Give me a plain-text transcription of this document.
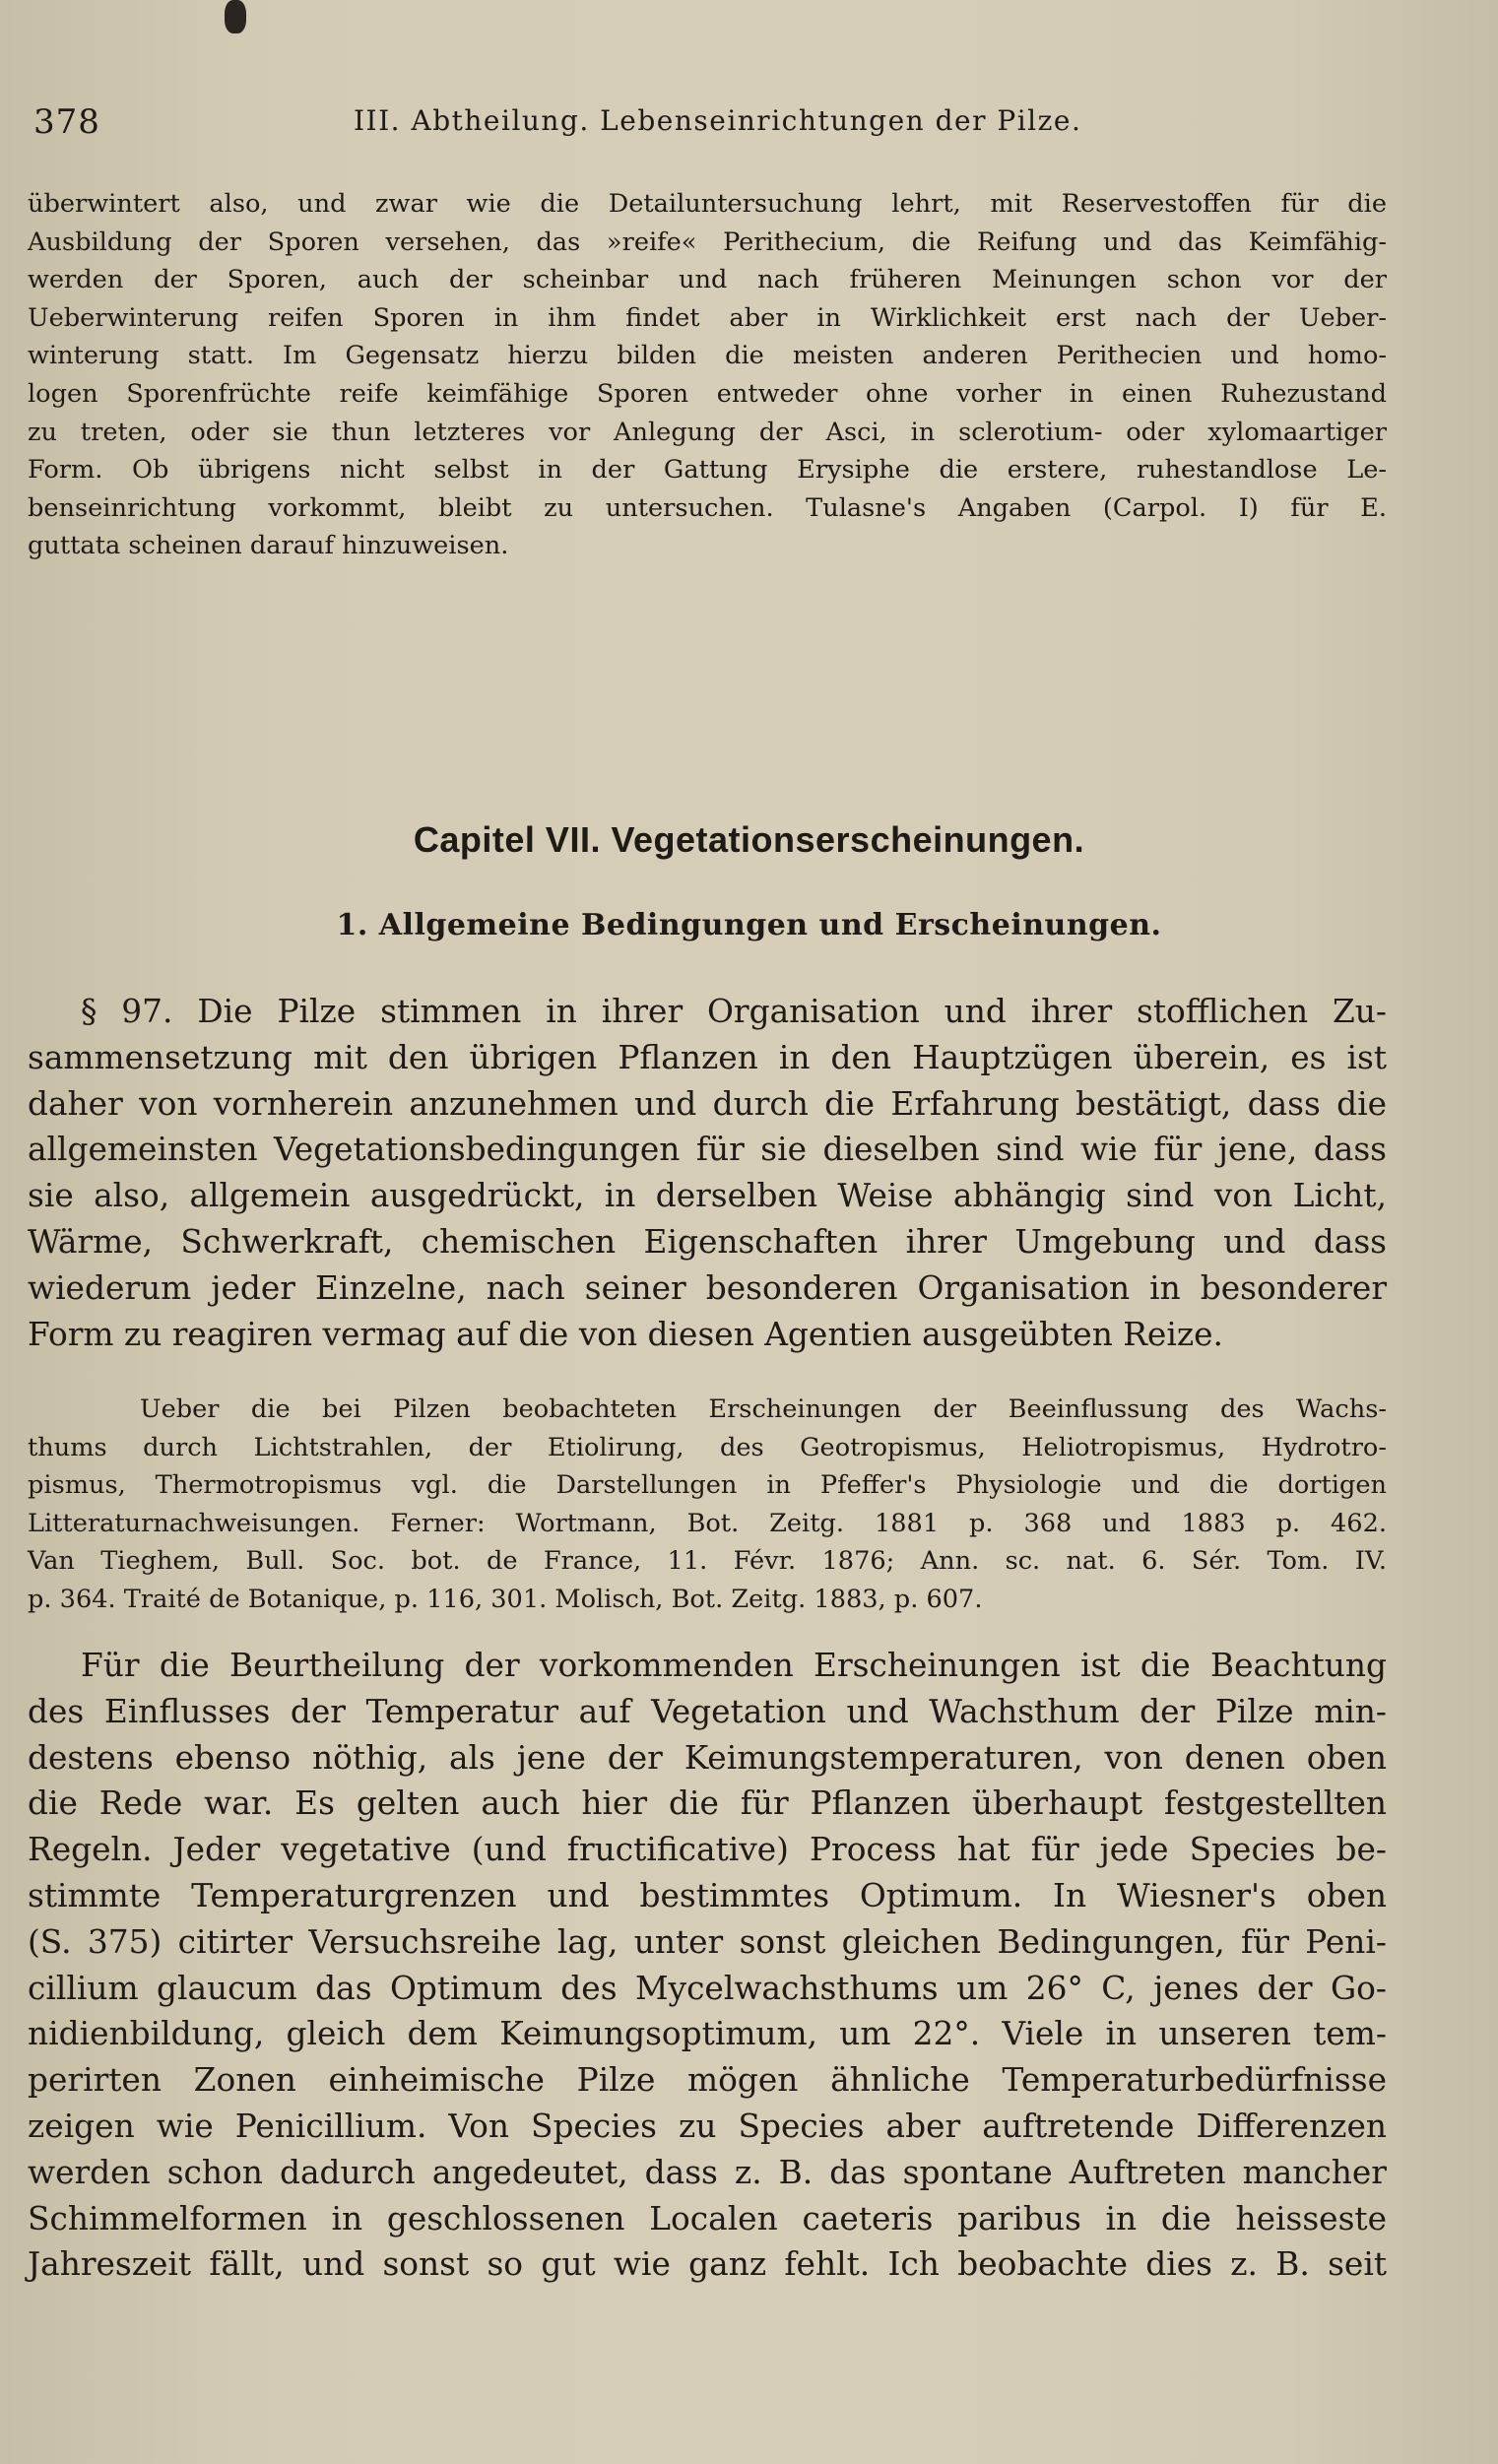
378	III. Abtheilung. Lebenseinrichtungen der Pilze.
überwintert also, und zwar wie die Detailuntersuchung lehrt, mit Reservestoffen für die
Ausbildung der Sporen versehen, das »reife« Perithecium, die Reifung und das Keimfähig-
werden der Sporen, auch der scheinbar und nach früheren Meinungen schon vor der
Ueberwinterung reifen Sporen in ihm findet aber in Wirklichkeit erst nach der Ueber-
winterung statt. Im Gegensatz hierzu bilden die meisten anderen Perithecien und homo-
logen Sporenfrüchte reife keimfähige Sporen entweder ohne vorher in einen Ruhezustand
zu treten, oder sie thun letzteres vor Anlegung der Asci, in sclerotium- oder xylomaartiger
Form. Ob übrigens nicht selbst in der Gattung Erysiphe die erstere, ruhestandlose Le-
benseinrichtung vorkommt, bleibt zu untersuchen. Tulasne's Angaben (Carpol. I) für E.
guttata scheinen darauf hinzuweisen.
Capitel VII. Vegetationserscheinungen.
1. Allgemeine Bedingungen und Erscheinungen.
§ 97. Die Pilze stimmen in ihrer Organisation und ihrer stofflichen Zu-
sammensetzung mit den übrigen Pflanzen in den Hauptzügen überein, es ist
daher von vornherein anzunehmen und durch die Erfahrung bestätigt, dass die
allgemeinsten Vegetationsbedingungen für sie dieselben sind wie für jene, dass
sie also, allgemein ausgedrückt, in derselben Weise abhängig sind von Licht,
Wärme, Schwerkraft, chemischen Eigenschaften ihrer Umgebung und dass
wiederum jeder Einzelne, nach seiner besonderen Organisation in besonderer
Form zu reagiren vermag auf die von diesen Agentien ausgeübten Reize.
Ueber die bei Pilzen beobachteten Erscheinungen der Beeinflussung des Wachs-
thums durch Lichtstrahlen, der Etiolirung, des Geotropismus, Heliotropismus, Hydrotro-
pismus, Thermotropismus vgl. die Darstellungen in Pfeffer's Physiologie und die dortigen
Litteraturnachweisungen. Ferner: Wortmann, Bot. Zeitg. 1881 p. 368 und 1883 p. 462.
Van Tieghem, Bull. Soc. bot. de France, 11. Févr. 1876; Ann. sc. nat. 6. Sér. Tom. IV.
p. 364. Traité de Botanique, p. 116, 301. Molisch, Bot. Zeitg. 1883, p. 607.
Für die Beurtheilung der vorkommenden Erscheinungen ist die Beachtung
des Einflusses der Temperatur auf Vegetation und Wachsthum der Pilze min-
destens ebenso nöthig, als jene der Keimungstemperaturen, von denen oben
die Rede war. Es gelten auch hier die für Pflanzen überhaupt festgestellten
Regeln. Jeder vegetative (und fructificative) Process hat für jede Species be-
stimmte Temperaturgrenzen und bestimmtes Optimum. In Wiesner's oben
(S. 375) citirter Versuchsreihe lag, unter sonst gleichen Bedingungen, für Peni-
cillium glaucum das Optimum des Mycelwachsthums um 26° C, jenes der Go-
nidienbildung, gleich dem Keimungsoptimum, um 22°. Viele in unseren tem-
perirten Zonen einheimische Pilze mögen ähnliche Temperaturbedürfnisse
zeigen wie Penicillium. Von Species zu Species aber auftretende Differenzen
werden schon dadurch angedeutet, dass z. B. das spontane Auftreten mancher
Schimmelformen in geschlossenen Localen caeteris paribus in die heisseste
Jahreszeit fällt, und sonst so gut wie ganz fehlt. Ich beobachte dies z. B. seit
